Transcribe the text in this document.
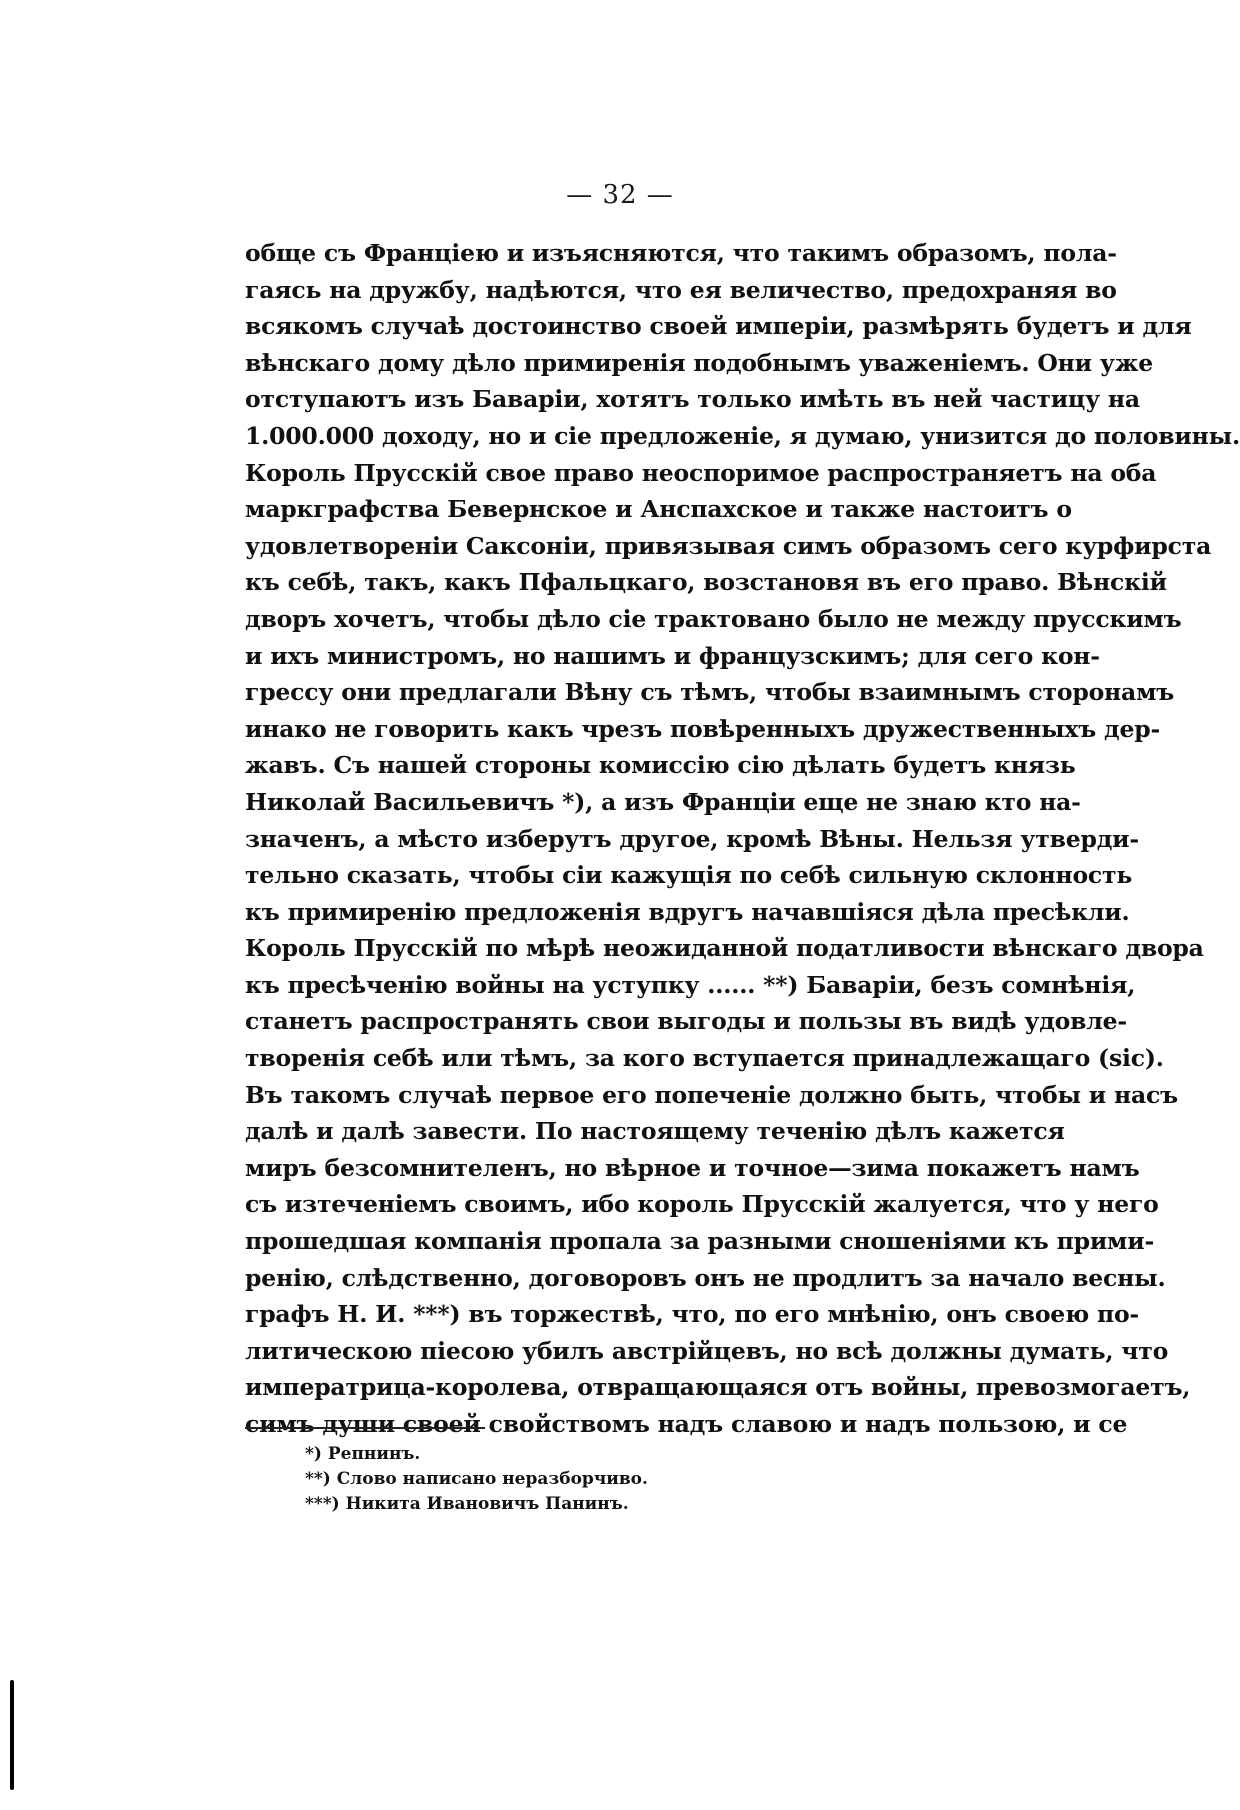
— 32 —
обще съ Франціею и изъясняются, что такимъ образомъ, пола-
гаясь на дружбу, надѣются, что ея величество, предохраняя во
всякомъ случаѣ достоинство своей имперіи, размѣрять будетъ и для
вѣнскаго дому дѣло примиренія подобнымъ уваженіемъ. Они уже
отступаютъ изъ Баваріи, хотятъ только имѣть въ ней частицу на
1.000.000 доходу, но и сіе предложеніе, я думаю, унизится до половины.
Король Прусскій свое право неоспоримое распространяетъ на оба
маркграфства Бевернское и Анспахское и также настоитъ о
удовлетвореніи Саксоніи, привязывая симъ образомъ сего курфирста
къ себѣ, такъ, какъ Пфальцкаго, возстановя въ его право. Вѣнскій
дворъ хочетъ, чтобы дѣло сіе трактовано было не между прусскимъ
и ихъ министромъ, но нашимъ и французскимъ; для сего кон-
грессу они предлагали Вѣну съ тѣмъ, чтобы взаимнымъ сторонамъ
инако не говорить какъ чрезъ повѣренныхъ дружественныхъ дер-
жавъ. Съ нашей стороны комиссію сію дѣлать будетъ князь
Николай Васильевичъ *), а изъ Франціи еще не знаю кто на-
значенъ, а мѣсто изберутъ другое, кромѣ Вѣны. Нельзя утверди-
тельно сказать, чтобы сіи кажущія по себѣ сильную склонность
къ примиренію предложенія вдругъ начавшіяся дѣла пресѣкли.
Король Прусскій по мѣрѣ неожиданной податливости вѣнскаго двора
къ пресѣченію войны на уступку ...... **) Баваріи, безъ сомнѣнія,
станетъ распространять свои выгоды и пользы въ видѣ удовле-
творенія себѣ или тѣмъ, за кого вступается принадлежащаго (sic).
Въ такомъ случаѣ первое его попеченіе должно быть, чтобы и насъ
далѣ и далѣ завести. По настоящему теченію дѣлъ кажется
миръ безсомнителенъ, но вѣрное и точное—зима покажетъ намъ
съ изтеченіемъ своимъ, ибо король Прусскій жалуется, что у него
прошедшая компанія пропала за разными сношеніями къ прими-
ренію, слѣдственно, договоровъ онъ не продлитъ за начало весны.
графъ Н. И. ***) въ торжествѣ, что, по его мнѣнію, онъ своею по-
литическою піесою убилъ австрійцевъ, но всѣ должны думать, что
императрица-королева, отвращающаяся отъ войны, превозмогаетъ,
симъ души своей свойствомъ надъ славою и надъ пользою, и се
*) Репнинъ.
**) Слово написано неразборчиво.
***) Никита Ивановичъ Панинъ.
